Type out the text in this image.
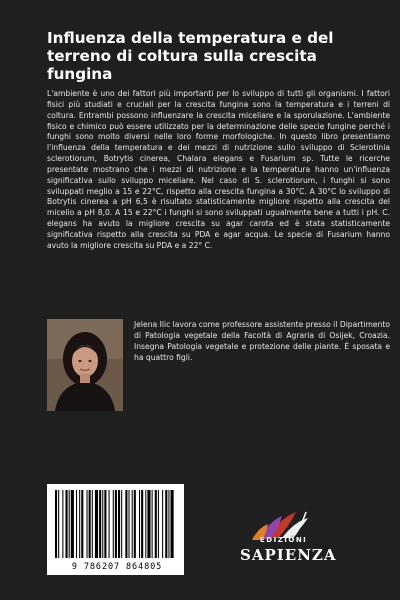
Influenza della temperatura e del terreno di coltura sulla crescita fungina

L'ambiente è uno dei fattori più importanti per lo sviluppo di tutti gli organismi. I fattori fisici più studiati e cruciali per la crescita fungina sono la temperatura e i terreni di coltura. Entrambi possono influenzare la crescita miceliare e la sporulazione. L'ambiente fisico e chimico può essere utilizzato per la determinazione delle specie fungine perché i funghi sono molto diversi nelle loro forme morfologiche. In questo libro presentiamo l'influenza della temperatura e dei mezzi di nutrizione sullo sviluppo di Sclerotinia sclerotiorum, Botrytis cinerea, Chalara elegans e Fusarium sp. Tutte le ricerche presentate mostrano che i mezzi di nutrizione e la temperatura hanno un'influenza significativa sullo sviluppo miceliare. Nel caso di S. sclerotiorum, i funghi si sono sviluppati meglio a 15 e 22°C, rispetto alla crescita fungina a 30°C. A 30°C lo sviluppo di Botrytis cinerea a pH 6,5 è risultato statisticamente migliore rispetto alla crescita del micelio a pH 8,0. A 15 e 22°C i funghi si sono sviluppati ugualmente bene a tutti i pH. C. elegans ha avuto la migliore crescita su agar carota ed è stata statisticamente significativa rispetto alla crescita su PDA e agar acqua. Le specie di Fusarium hanno avuto la migliore crescita su PDA e a 22° C.

Jelena Ilic lavora come professore assistente presso il Dipartimento di Patologia vegetale della Facoltà di Agraria di Osijek, Croazia. Insegna Patologia vegetale e protezione delle piante. È sposata e ha quattro figli.

9 786207 864805
EDIZIONI
SAPIENZA
